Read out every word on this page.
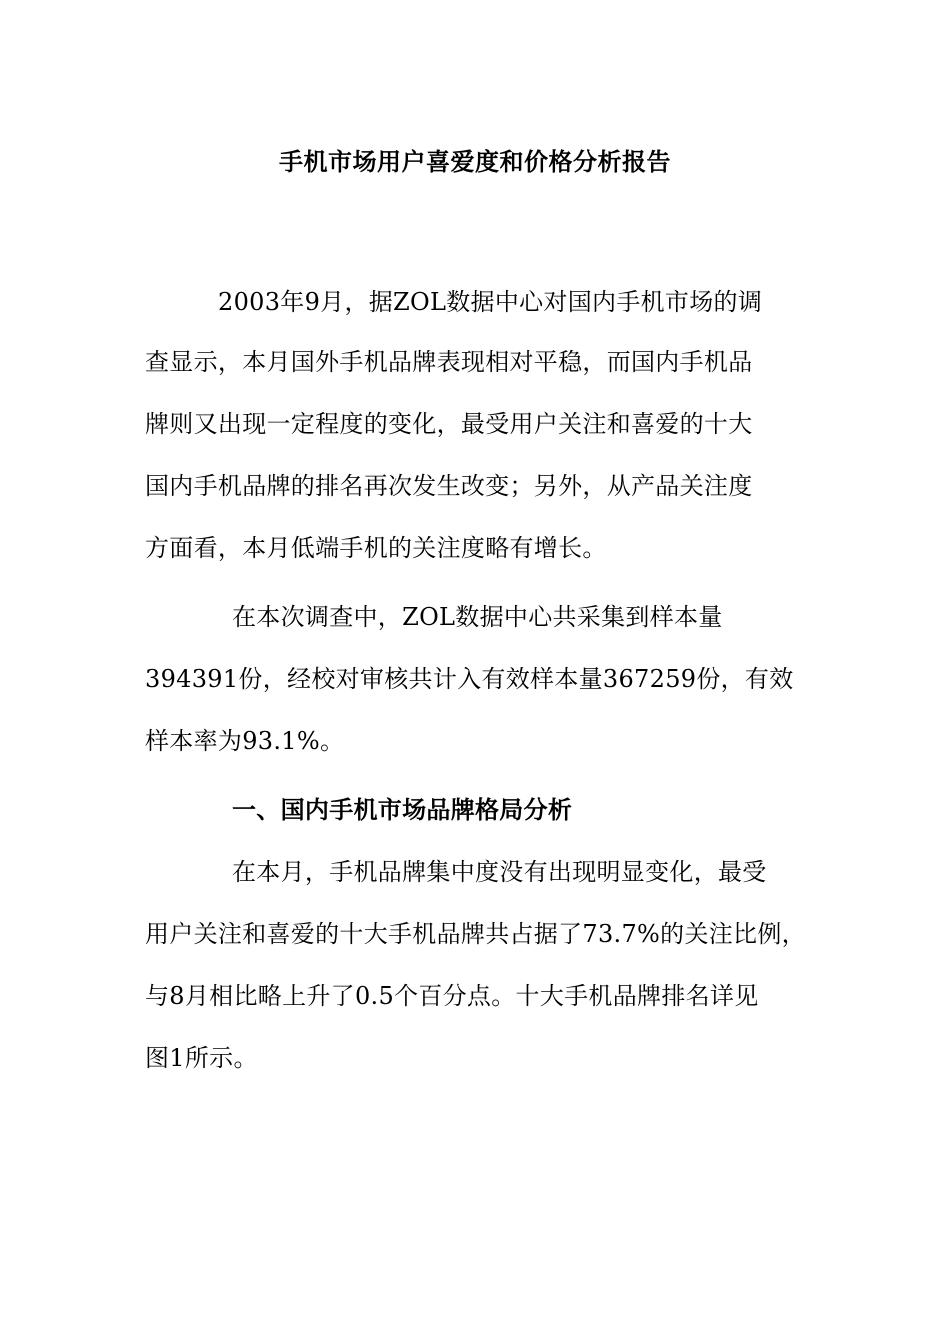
手机市场用户喜爱度和价格分析报告
2003年9月，据ZOL数据中心对国内手机市场的调
查显示，本月国外手机品牌表现相对平稳，而国内手机品
牌则又出现一定程度的变化，最受用户关注和喜爱的十大
国内手机品牌的排名再次发生改变；另外，从产品关注度
方面看，本月低端手机的关注度略有增长。
在本次调查中，ZOL数据中心共采集到样本量
394391份，经校对审核共计入有效样本量367259份，有效
样本率为93.1%。
一、国内手机市场品牌格局分析
在本月，手机品牌集中度没有出现明显变化，最受
用户关注和喜爱的十大手机品牌共占据了73.7%的关注比例，
与8月相比略上升了0.5个百分点。十大手机品牌排名详见
图1所示。
